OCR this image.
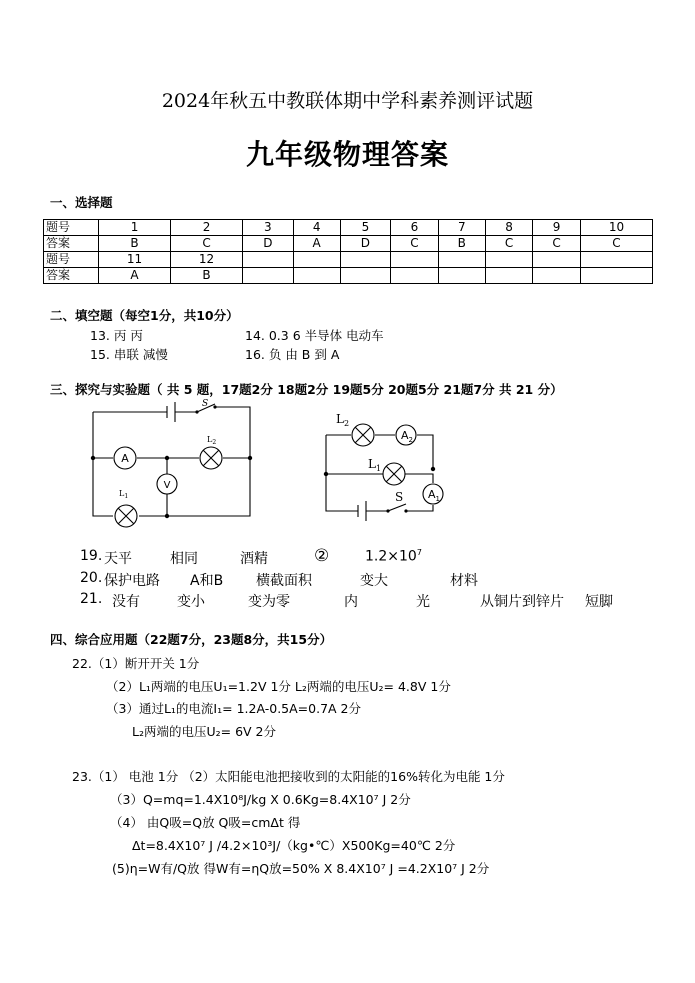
2024年秋五中教联体期中学科素养测评试题
九年级物理答案
一、选择题
题号	1	2	3	4	5	6	7	8	9	10
答案	B	C	D	A	D	C	B	C	C	C
题号	11	12								
答案	A	B								
二、填空题（每空1分，共10分）
13. 丙 丙	14. 0.3 6 半导体 电动车
15. 串联 减慢	16. 负 由 B 到 A
三、探究与实验题（ 共 5 题，17题2分 18题2分 19题5分 20题5分 21题7分 共 21 分）
A
V
$L_2$
$L_1$
S
$L_2$
$A_2$
$L_1$
$A_1$
S
19. 天平	相同	酒精	②	$1.2\times 10^7$
20. 保护电路 A和B 横截面积	变大	材料
21. 没有	变小	变为零	内	光	从铜片到锌片 短脚
四、综合应用题（22题7分，23题8分，共15分）
22.（1）断开开关 1分
（2）L₁两端的电压U₁=1.2V 1分 L₂两端的电压U₂= 4.8V 1分
（3）通过L₁的电流I₁= 1.2A-0.5A=0.7A 2分
L₂两端的电压U₂= 6V 2分
23.（1） 电池 1分 （2）太阳能电池把接收到的太阳能的16%转化为电能 1分
（3）Q=mq=1.4X10⁸J/kg X 0.6Kg=8.4X10⁷ J 2分
（4） 由Q吸=Q放 Q吸=cmΔt 得
Δt=8.4X10⁷ J /4.2×10³J/（kg•℃）X500Kg=40℃ 2分
(5)η=W有/Q放 得W有=ηQ放=50% X 8.4X10⁷ J =4.2X10⁷ J 2分
